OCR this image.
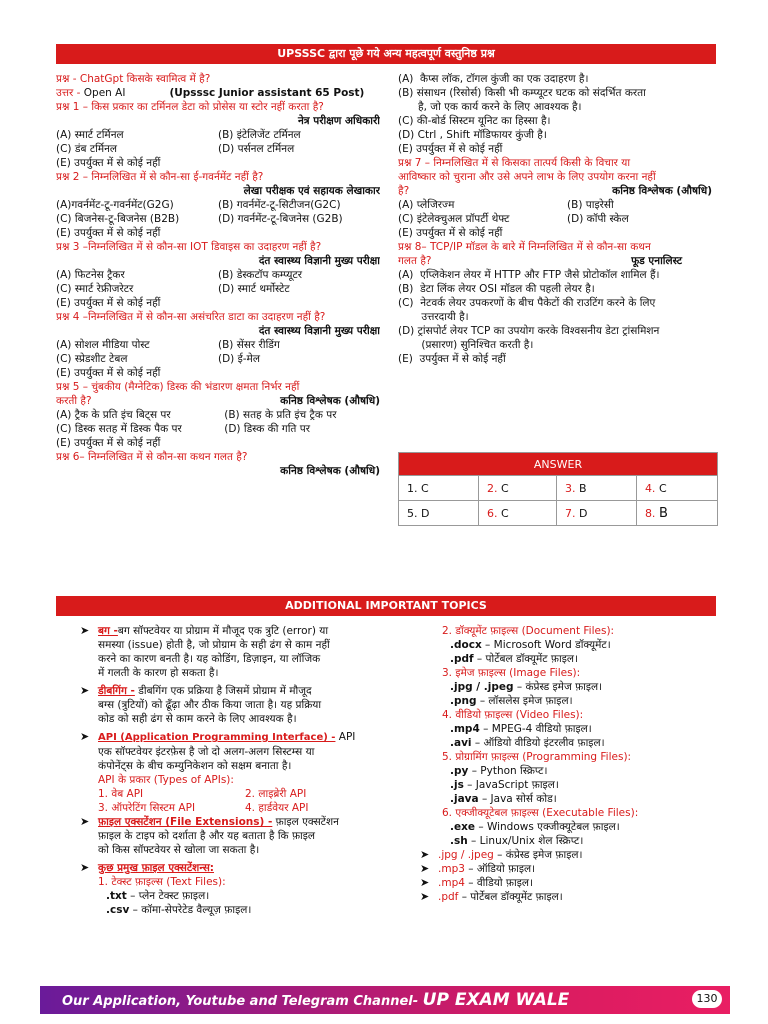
UPSSSC द्वारा पूछे गये अन्य महत्वपूर्ण वस्तुनिष्ठ प्रश्न
प्रश्न - ChatGpt किसके स्वामित्व में है?
उत्तर - Open AI	(Upsssc Junior assistant 65 Post)
प्रश्न 1 – किस प्रकार का टर्मिनल डेटा को प्रोसेस या स्टोर नहीं करता है?
नेत्र परीक्षण अधिकारी
(A) स्मार्ट टर्मिनल	(B) इंटेलिजेंट टर्मिनल
(C) डंब टर्मिनल	(D) पर्सनल टर्मिनल
(E) उपर्युक्त में से कोई नहीं
प्रश्न 2 – निम्नलिखित में से कौन-सा ई-गवर्नमेंट नहीं है?
लेखा परीक्षक एवं सहायक लेखाकार
(A)गवर्नमेंट-टू-गवर्नमेंट(G2G)	(B) गवर्नमेंट-टू-सिटीजन(G2C)
(C) बिजनेस-टू-बिजनेस (B2B)	(D) गवर्नमेंट-टू-बिजनेस (G2B)
(E) उपर्युक्त में से कोई नहीं
प्रश्न 3 –निम्नलिखित में से कौन-सा IOT डिवाइस का उदाहरण नहीं है?
दंत स्वास्थ्य विज्ञानी मुख्य परीक्षा
(A) फिटनेस ट्रैकर	(B) डेस्कटॉप कम्प्यूटर
(C) स्मार्ट रेफ्रीजरेटर	(D) स्मार्ट थर्मोस्टेट
(E) उपर्युक्त में से कोई नहीं
प्रश्न 4 –निम्नलिखित में से कौन-सा असंचरित डाटा का उदाहरण नहीं है?
दंत स्वास्थ्य विज्ञानी मुख्य परीक्षा
(A) सोशल मीडिया पोस्ट	(B) सेंसर रीडिंग
(C) स्प्रेडशीट टेबल	(D) ई-मेल
(E) उपर्युक्त में से कोई नहीं
प्रश्न 5 – चुंबकीय (मैग्नेटिक) डिस्क की भंडारण क्षमता निर्भर नहीं
करती है?	कनिष्ठ विश्लेषक (औषधि)
(A) ट्रैक के प्रति इंच बिट्स पर	(B) सतह के प्रति इंच ट्रैक पर
(C) डिस्क सतह में डिस्क पैक पर	(D) डिस्क की गति पर
(E) उपर्युक्त में से कोई नहीं
प्रश्न 6– निम्नलिखित में से कौन-सा कथन गलत है?
कनिष्ठ विश्लेषक (औषधि)
(A)  कैप्स लॉक, टॉगल कुंजी का एक उदाहरण है।
(B) संसाधन (रिसोर्स) किसी भी कम्प्यूटर घटक को संदर्भित करता
है, जो एक कार्य करने के लिए आवश्यक है।
(C) की-बोर्ड सिस्टम यूनिट का हिस्सा है।
(D) Ctrl , Shift मॉडिफायर कुंजी है।
(E) उपर्युक्त में से कोई नहीं
प्रश्न 7 – निम्नलिखित में से किसका तात्पर्य किसी के विचार या
आविष्कार को चुराना और उसे अपने लाभ के लिए उपयोग करना नहीं
है?	कनिष्ठ विश्लेषक (औषधि)
(A) प्लेजिरज्म	(B) पाइरेसी
(C) इंटेलेक्चुअल प्रॉपर्टी थेफ्ट	(D) कॉपी स्केल
(E) उपर्युक्त में से कोई नहीं
प्रश्न 8– TCP/IP मॉडल के बारे में निम्नलिखित में से कौन-सा कथन
गलत है?	फूड एनालिस्ट
(A)  एप्लिकेशन लेयर में HTTP और FTP जैसे प्रोटोकॉल शामिल हैं।
(B)  डेटा लिंक लेयर OSI मॉडल की पहली लेयर है।
(C)  नेटवर्क लेयर उपकरणों के बीच पैकेटों की राउटिंग करने के लिए
उत्तरदायी है।
(D) ट्रांसपोर्ट लेयर TCP का उपयोग करके विश्वसनीय डेटा ट्रांसमिशन
(प्रसारण) सुनिश्चित करती है।
(E)  उपर्युक्त में से कोई नहीं
ANSWER			
1. C	2. C	3. B	4. C
5. D	6. C	7. D	8. B
ADDITIONAL IMPORTANT TOPICS
➤ बग -बग सॉफ्टवेयर या प्रोग्राम में मौजूद एक त्रुटि (error) या
समस्या (issue) होती है, जो प्रोग्राम के सही ढंग से काम नहीं
करने का कारण बनती है। यह कोडिंग, डिज़ाइन, या लॉजिक
में गलती के कारण हो सकता है।
➤ डीबगिंग - डीबगिंग एक प्रक्रिया है जिसमें प्रोग्राम में मौजूद
बग्स (त्रुटियों) को ढूँढ़ा और ठीक किया जाता है। यह प्रक्रिया
कोड को सही ढंग से काम करने के लिए आवश्यक है।
➤ API (Application Programming Interface) - API
एक सॉफ्टवेयर इंटरफ़ेस है जो दो अलग-अलग सिस्टम्स या
कंपोनेंट्स के बीच कम्युनिकेशन को सक्षम बनाता है।
API के प्रकार (Types of APIs):
1. वेब API	2. लाइब्रेरी API
3. ऑपरेटिंग सिस्टम API	4. हार्डवेयर API
➤ फ़ाइल एक्सटेंशन (File Extensions) - फ़ाइल एक्सटेंशन
फ़ाइल के टाइप को दर्शाता है और यह बताता है कि फ़ाइल
को किस सॉफ्टवेयर से खोला जा सकता है।
➤ कुछ प्रमुख फ़ाइल एक्सटेंशन्स:
1. टेक्स्ट फ़ाइल्स (Text Files):
.txt – प्लेन टेक्स्ट फ़ाइल।
.csv – कॉमा-सेपरेटेड वैल्यूज़ फ़ाइल।
2. डॉक्यूमेंट फ़ाइल्स (Document Files):
.docx – Microsoft Word डॉक्यूमेंट।
.pdf – पोर्टेबल डॉक्यूमेंट फ़ाइल।
3. इमेज फ़ाइल्स (Image Files):
.jpg / .jpeg – कंप्रेस्ड इमेज फ़ाइल।
.png – लॉसलेस इमेज फ़ाइल।
4. वीडियो फ़ाइल्स (Video Files):
.mp4 – MPEG-4 वीडियो फ़ाइल।
.avi – ऑडियो वीडियो इंटरलीव फ़ाइल।
5. प्रोग्रामिंग फ़ाइल्स (Programming Files):
.py – Python स्क्रिप्ट।
.js – JavaScript फ़ाइल।
.java – Java सोर्स कोड।
6. एक्जीक्यूटेबल फ़ाइल्स (Executable Files):
.exe – Windows एक्जीक्यूटेबल फ़ाइल।
.sh – Linux/Unix शेल स्क्रिप्ट।
➤ .jpg / .jpeg – कंप्रेस्ड इमेज फ़ाइल।
➤ .mp3 – ऑडियो फ़ाइल।
➤ .mp4 – वीडियो फ़ाइल।
➤ .pdf – पोर्टेबल डॉक्यूमेंट फ़ाइल।
Our Application, Youtube and Telegram Channel- UP EXAM WALE	130
